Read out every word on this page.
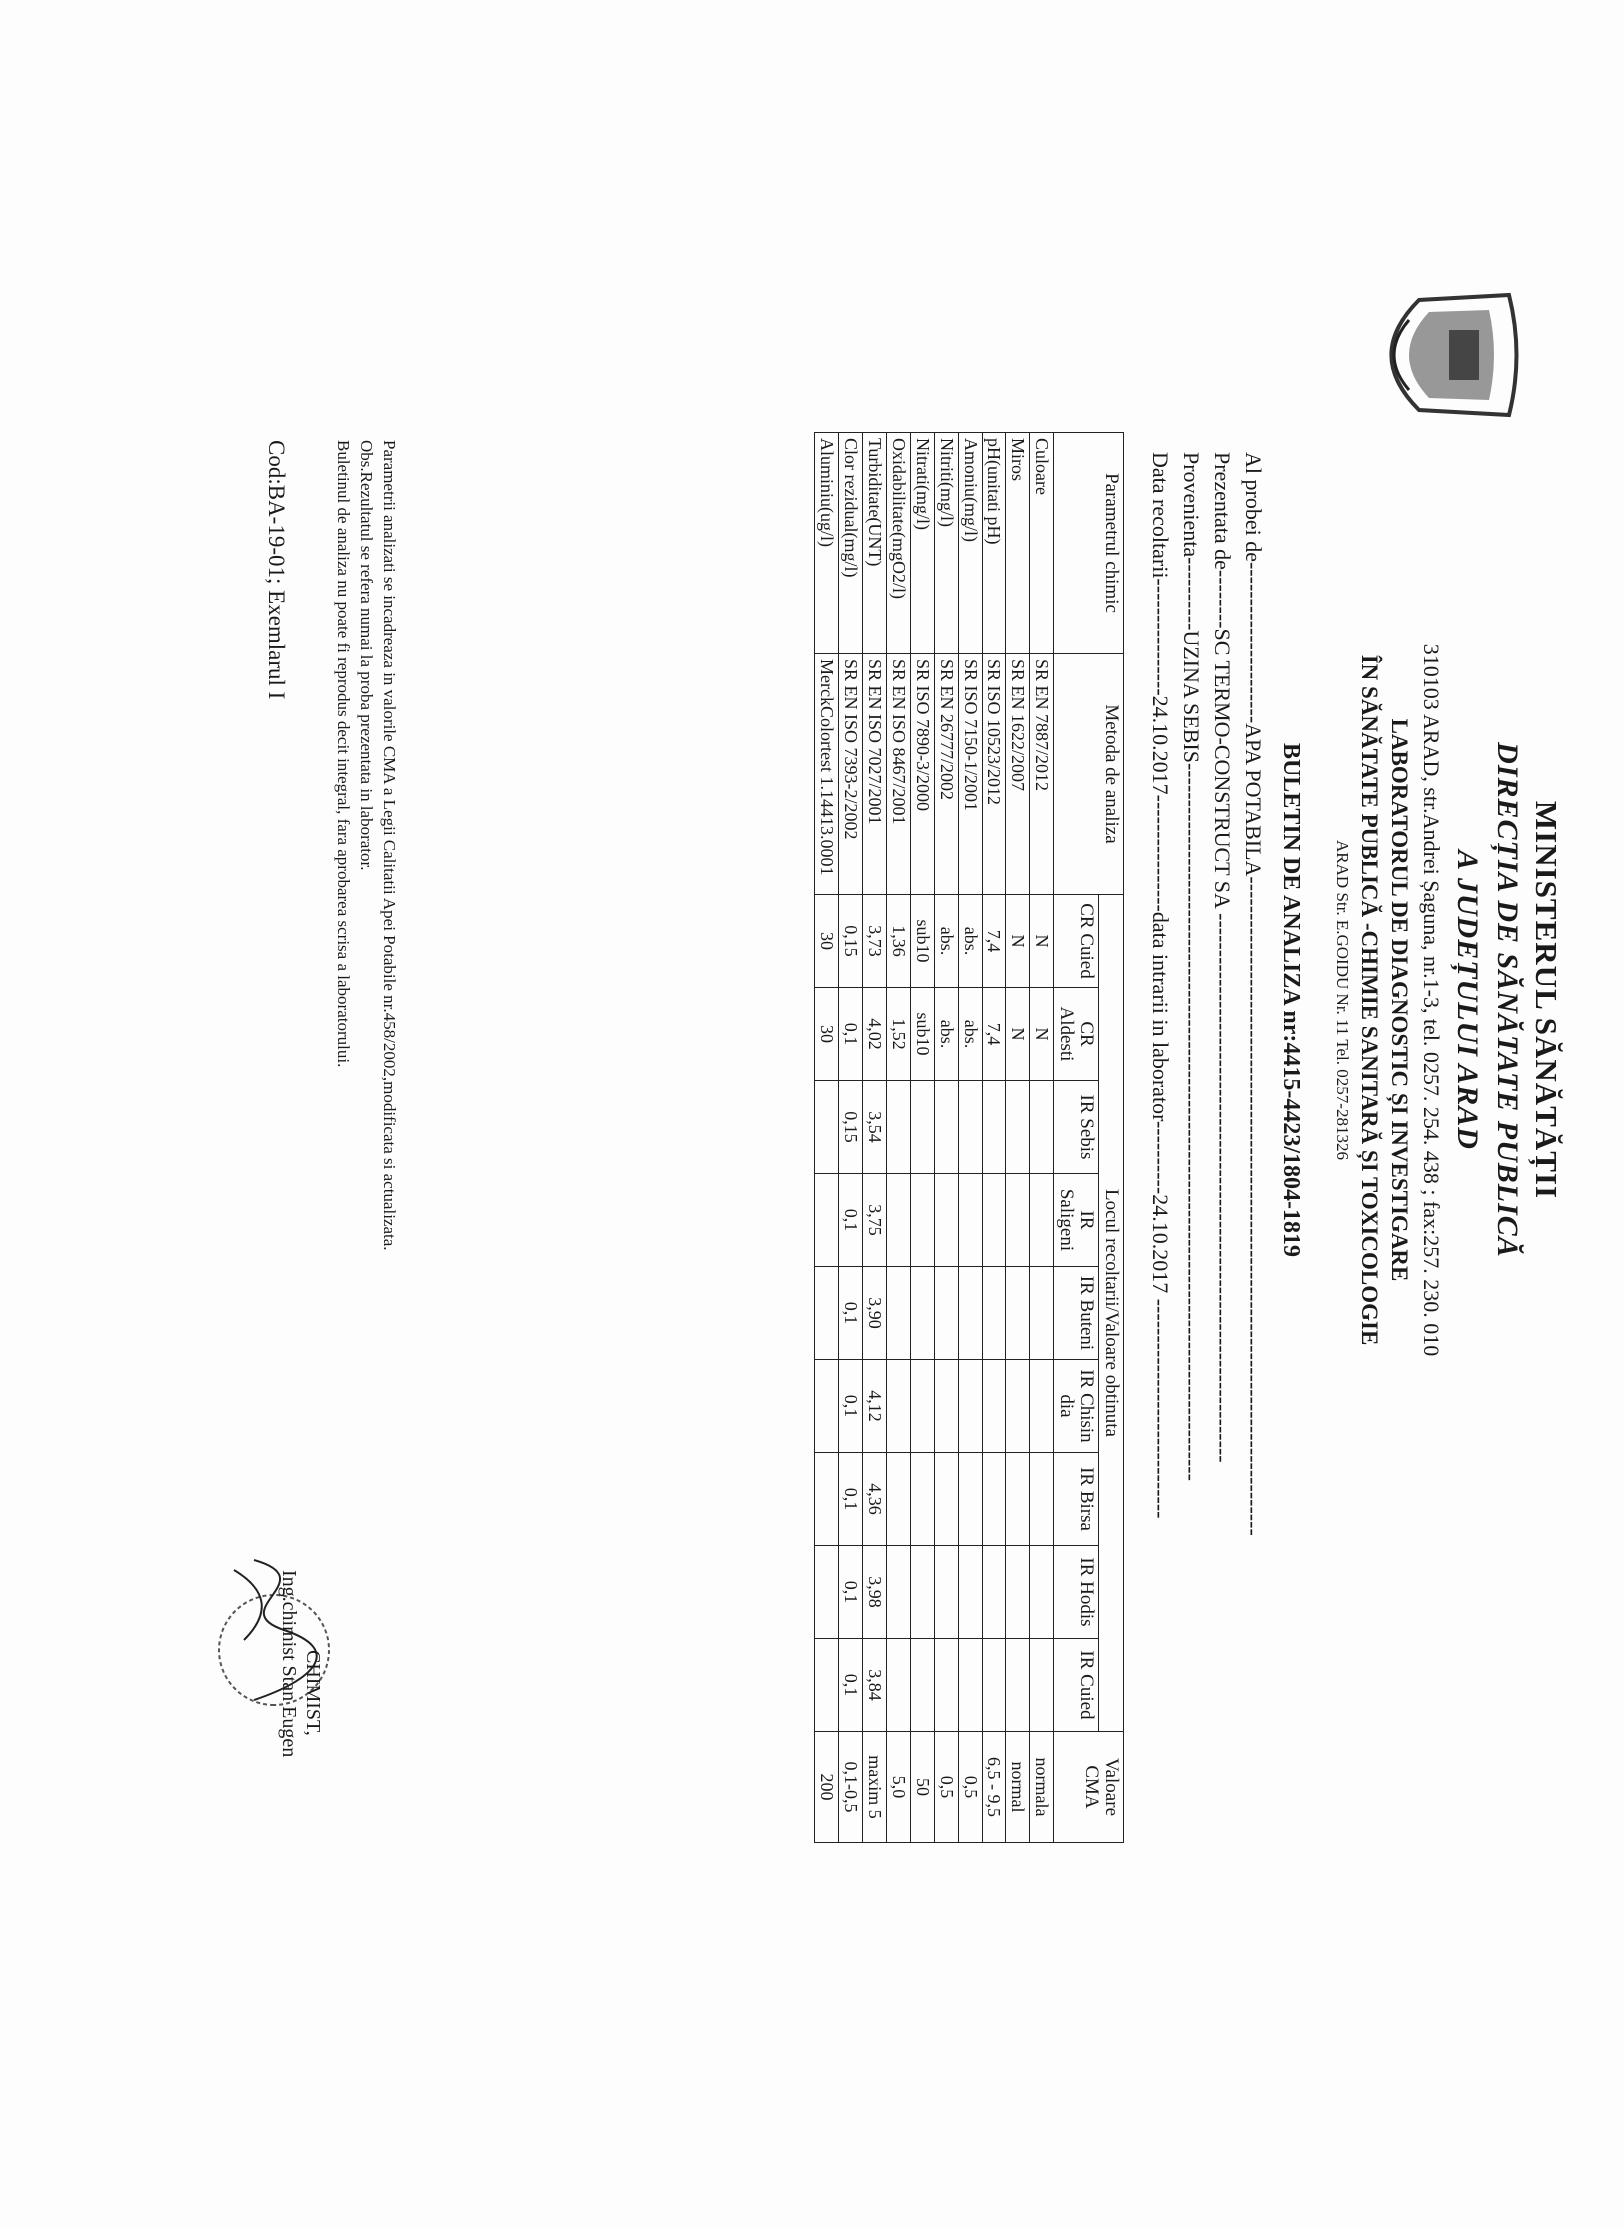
MINISTERUL SĂNĂTĂȚII
DIRECȚIA DE SĂNĂTATE PUBLICĂ
A JUDEȚULUI ARAD
310103 ARAD, str.Andrei Șaguna, nr.1-3, tel. 0257. 254. 438 ; fax:257. 230. 010
LABORATORUL DE DIAGNOSTIC ȘI INVESTIGARE
ÎN SĂNĂTATE PUBLICĂ -CHIMIE SANITARĂ ȘI TOXICOLOGIE
ARAD Str. E.GOIDU Nr. 11 Tel. 0257-281326
BULETIN DE ANALIZA nr:4415-4423/1804-1819
Al probei de----------------------APA POTABILA------------------------------------------------------------------------------------------
Prezentata de--------SC TERMO-CONSTRUCT SA ---------------------------------------------------------------------------
Provenienta----------UZINA SEBIS--------------------------------------------------------------------------------------------------
Data recoltarii----------------24.10.2017----------------data intrarii in laborator----------24.10.2017 ------------------------------
Parametrul chimic	Metoda de analiza	Locul recoltarii/Valoare obtinuta									Valoare CMA
		CR Cuied	CR Aldesti	IR Sebis	IR Saligeni	IR Buteni	IR Chisin dia	IR Birsa	IR Hodis	IR Cuied	
Culoare	SR EN 7887/2012	N	N								normala
Miros	SR EN 1622/2007	N	N								normal
pH(unitati pH)	SR ISO 10523/2012	7,4	7,4								6,5 - 9,5
Amoniu(mg/l)	SR ISO 7150-1/2001	abs.	abs.								0,5
Nitriti(mg/l)	SR EN 26777/2002	abs.	abs.								0,5
Nitrati(mg/l)	SR ISO 7890-3/2000	sub10	sub10								50
Oxidabilitate(mgO2/l)	SR EN ISO 8467/2001	1,36	1,52								5,0
Turbiditate(UNT)	SR EN ISO 7027/2001	3,73	4,02	3,54	3,75	3,90	4,12	4,36	3,98	3,84	maxim 5
Clor rezidual(mg/l)	SR EN ISO 7393-2/2002	0,15	0,1	0,15	0,1	0,1	0,1	0,1	0,1	0,1	0,1-0,5
Aluminiu(ug/l)	MerckColortest 1.14413.0001	30	30								200
Parametrii analizati se incadreaza in valorile CMA a Legii Calitatii Apei Potabile nr.458/2002,modificata si actualizata.
Obs.Rezultatul se refera numai la proba prezentata in laborator.
Buletinul de analiza nu poate fi reprodus decit integral, fara aprobarea scrisa a laboratorului.
Cod:BA-19-01; Exemlarul I
CHIMIST,
Ing.chimist Stan Eugen
